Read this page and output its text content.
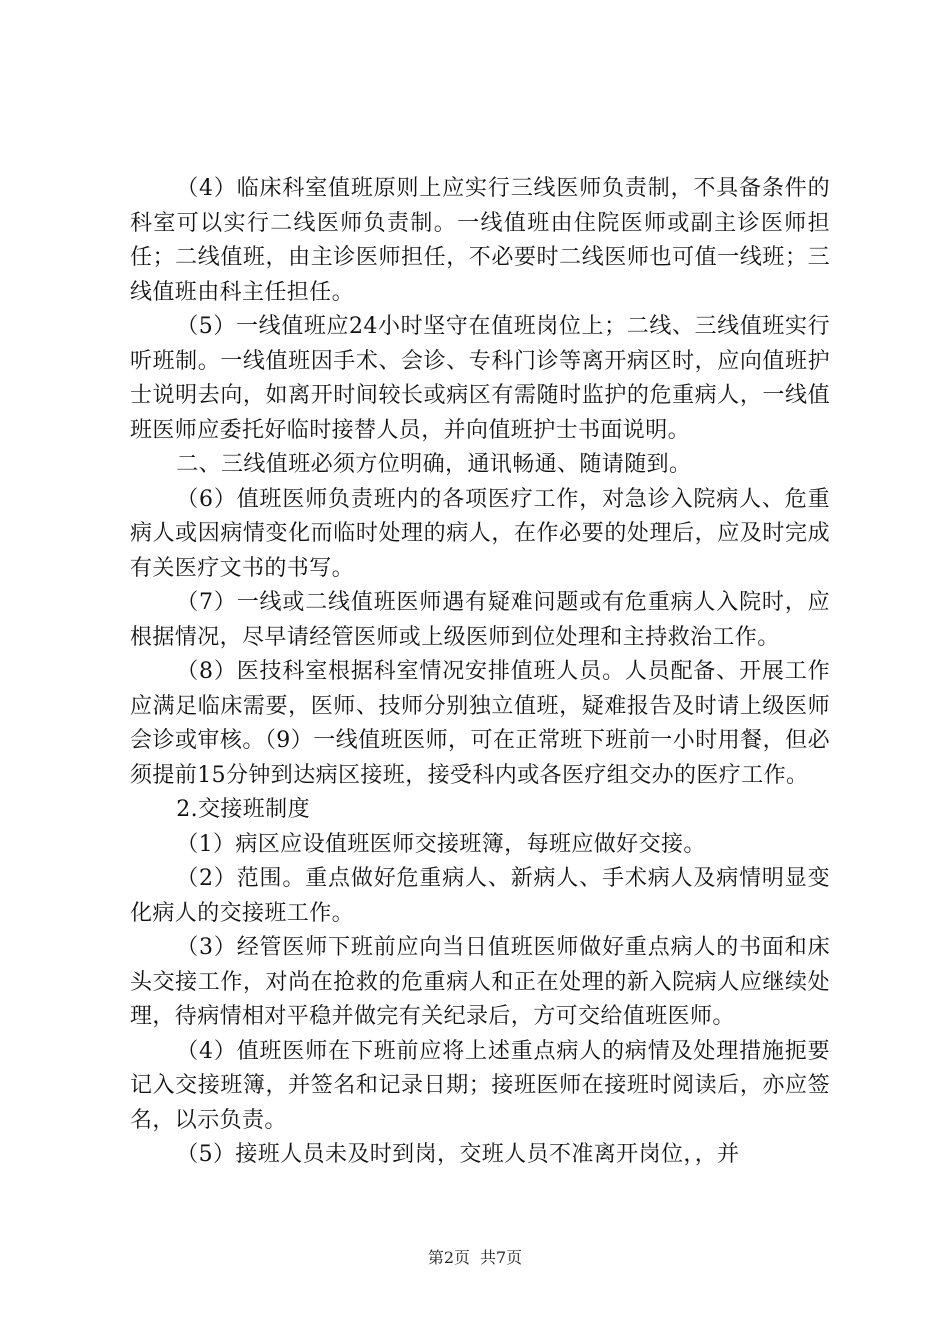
（4）临床科室值班原则上应实行三线医师负责制，不具备条件的科室可以实行二线医师负责制。一线值班由住院医师或副主诊医师担任；二线值班，由主诊医师担任，不必要时二线医师也可值一线班；三线值班由科主任担任。

（5）一线值班应24小时坚守在值班岗位上；二线、三线值班实行听班制。一线值班因手术、会诊、专科门诊等离开病区时，应向值班护士说明去向，如离开时间较长或病区有需随时监护的危重病人，一线值班医师应委托好临时接替人员，并向值班护士书面说明。

二、三线值班必须方位明确，通讯畅通、随请随到。

（6）值班医师负责班内的各项医疗工作，对急诊入院病人、危重病人或因病情变化而临时处理的病人，在作必要的处理后，应及时完成有关医疗文书的书写。

（7）一线或二线值班医师遇有疑难问题或有危重病人入院时，应根据情况，尽早请经管医师或上级医师到位处理和主持救治工作。

（8）医技科室根据科室情况安排值班人员。人员配备、开展工作应满足临床需要，医师、技师分别独立值班，疑难报告及时请上级医师会诊或审核。（9）一线值班医师，可在正常班下班前一小时用餐，但必须提前15分钟到达病区接班，接受科内或各医疗组交办的医疗工作。

2.交接班制度

（1）病区应设值班医师交接班簿，每班应做好交接。

（2）范围。重点做好危重病人、新病人、手术病人及病情明显变化病人的交接班工作。

（3）经管医师下班前应向当日值班医师做好重点病人的书面和床头交接工作，对尚在抢救的危重病人和正在处理的新入院病人应继续处理，待病情相对平稳并做完有关纪录后，方可交给值班医师。

（4）值班医师在下班前应将上述重点病人的病情及处理措施扼要记入交接班簿，并签名和记录日期；接班医师在接班时阅读后，亦应签名，以示负责。

（5）接班人员未及时到岗，交班人员不准离开岗位，，并

第2页 共7页
